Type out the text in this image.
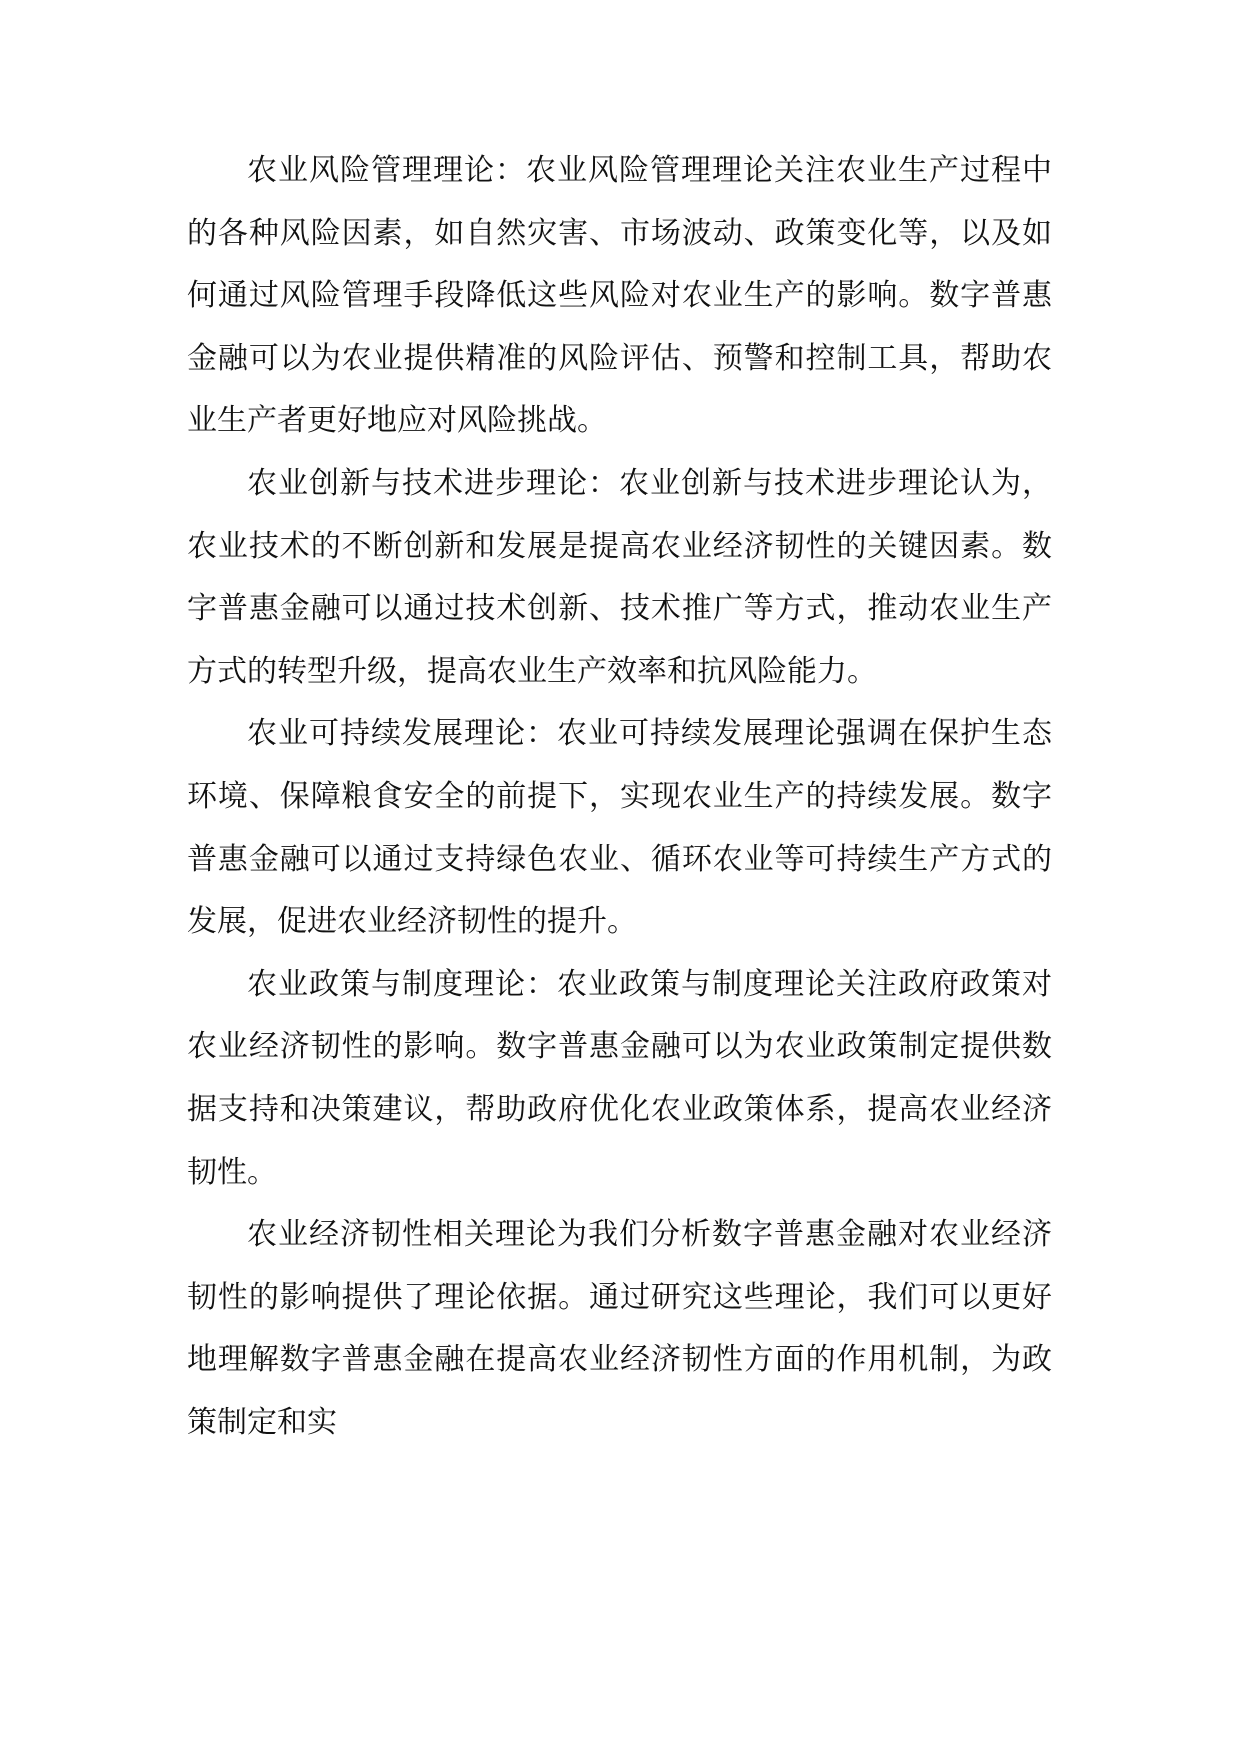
农业风险管理理论：农业风险管理理论关注农业生产过程中的各种风险因素，如自然灾害、市场波动、政策变化等，以及如何通过风险管理手段降低这些风险对农业生产的影响。数字普惠金融可以为农业提供精准的风险评估、预警和控制工具，帮助农业生产者更好地应对风险挑战。

农业创新与技术进步理论：农业创新与技术进步理论认为，农业技术的不断创新和发展是提高农业经济韧性的关键因素。数字普惠金融可以通过技术创新、技术推广等方式，推动农业生产方式的转型升级，提高农业生产效率和抗风险能力。

农业可持续发展理论：农业可持续发展理论强调在保护生态环境、保障粮食安全的前提下，实现农业生产的持续发展。数字普惠金融可以通过支持绿色农业、循环农业等可持续生产方式的发展，促进农业经济韧性的提升。

农业政策与制度理论：农业政策与制度理论关注政府政策对农业经济韧性的影响。数字普惠金融可以为农业政策制定提供数据支持和决策建议，帮助政府优化农业政策体系，提高农业经济韧性。

农业经济韧性相关理论为我们分析数字普惠金融对农业经济韧性的影响提供了理论依据。通过研究这些理论，我们可以更好地理解数字普惠金融在提高农业经济韧性方面的作用机制，为政策制定和实
